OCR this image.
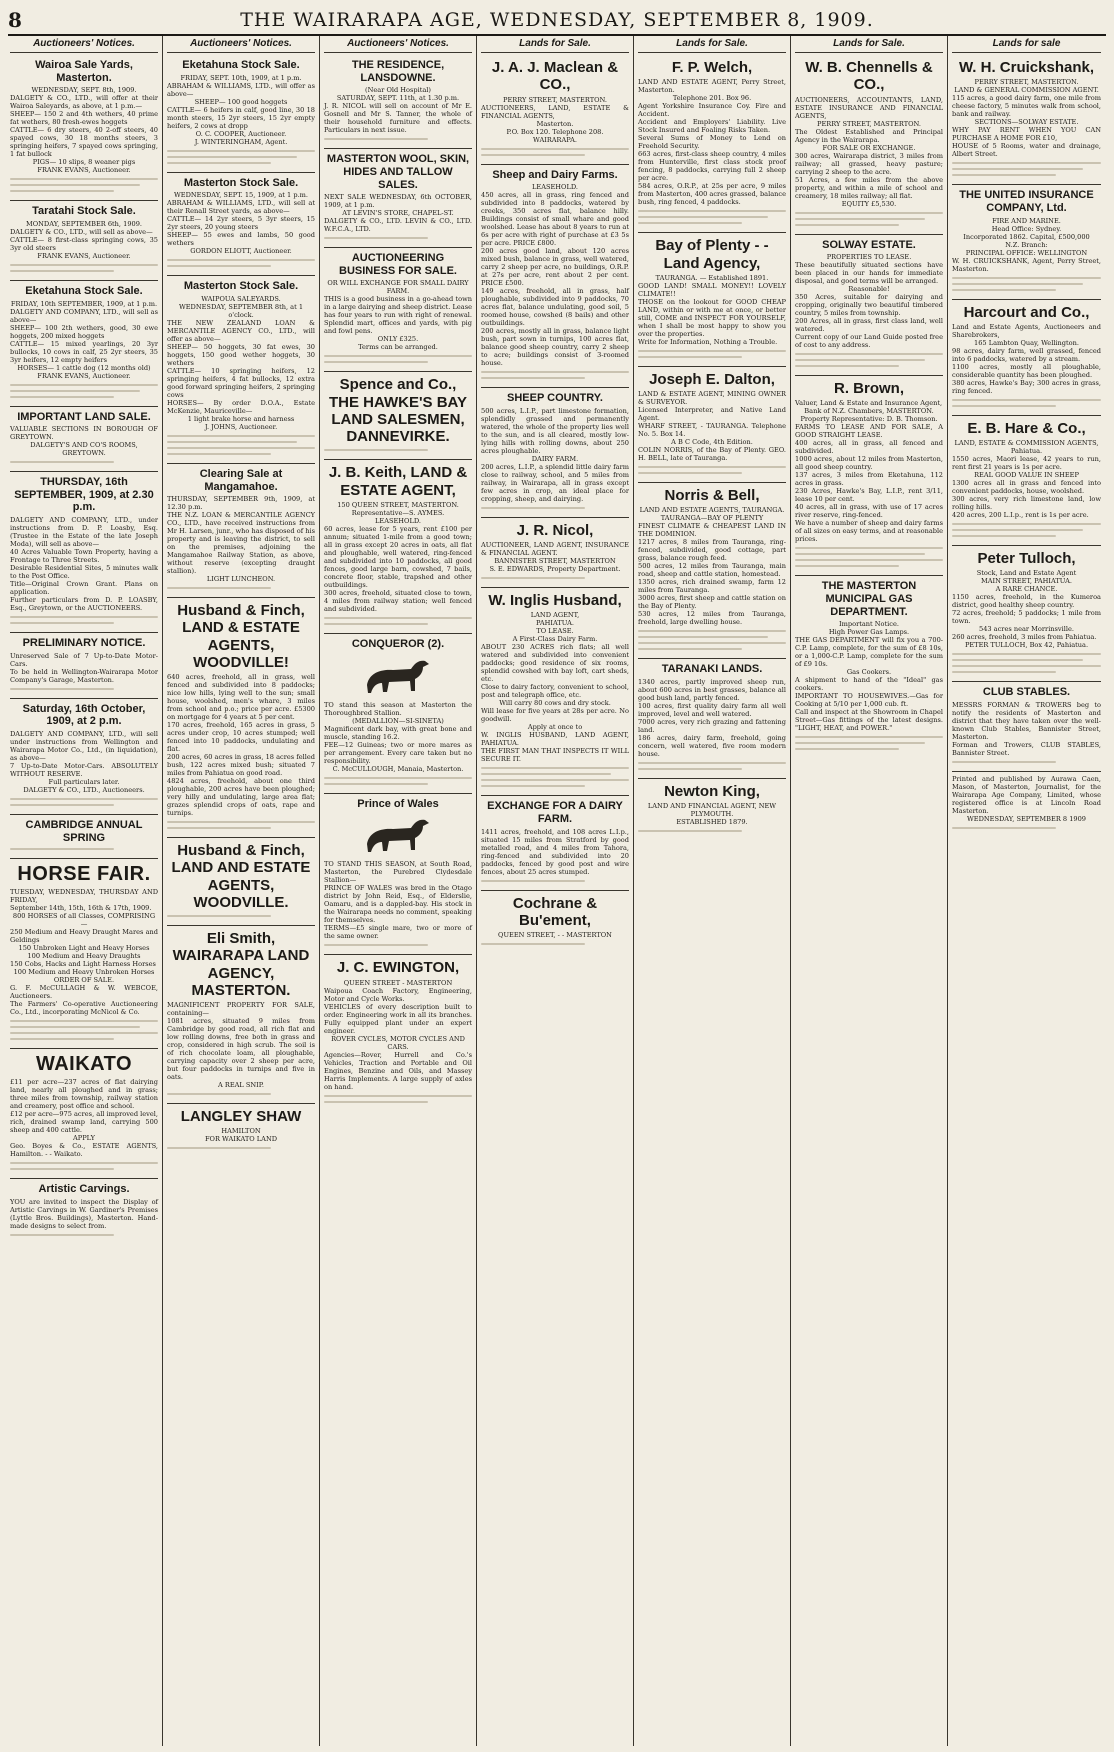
8	THE WAIRARAPA AGE, WEDNESDAY, SEPTEMBER 8, 1909.
Auctioneers' Notices.
Wairoa Sale Yards, Masterton.

WEDNESDAY, SEPT. 8th, 1909.

DALGETY & CO., LTD., will offer at their Wairoa Saleyards, as above, at 1 p.m.—

SHEEP— 150 2 and 4th wethers, 40 prime fat wethers, 80 fresh-ewes hoggets

CATTLE— 6 dry steers, 40 2-off steers, 40 spayed cows, 30 18 months steers, 3 springing heifers, 7 spayed cows springing, 1 fat bullock

PIGS— 10 slips, 8 weaner pigs

FRANK EVANS, Auctioneer.

Taratahi Stock Sale.

MONDAY, SEPTEMBER 6th, 1909.

DALGETY & CO., LTD., will sell as above—

CATTLE— 8 first-class springing cows, 35 3yr old steers

FRANK EVANS, Auctioneer.

Eketahuna Stock Sale.

FRIDAY, 10th SEPTEMBER, 1909, at 1 p.m.

DALGETY AND COMPANY, LTD., will sell as above—

SHEEP— 100 2th wethers, good, 30 ewe hoggets, 200 mixed hoggets

CATTLE— 15 mixed yearlings, 20 3yr bullocks, 10 cows in calf, 25 2yr steers, 35 3yr heifers, 12 empty heifers

HORSES— 1 cattle dog (12 months old)

FRANK EVANS, Auctioneer.

IMPORTANT LAND SALE.

VALUABLE SECTIONS IN BOROUGH OF GREYTOWN.

DALGETY'S AND CO'S ROOMS, GREYTOWN.

THURSDAY, 16th SEPTEMBER, 1909, at 2.30 p.m.

DALGETY AND COMPANY, LTD., under instructions from D. P. Loasby, Esq. (Trustee in the Estate of the late Joseph Moda), will sell as above—

40 Acres Valuable Town Property, having a Frontage to Three Streets.

Desirable Residential Sites, 5 minutes walk to the Post Office.

Title—Original Crown Grant. Plans on application.

Further particulars from D. P. LOASBY, Esq., Greytown, or the AUCTIONEERS.

PRELIMINARY NOTICE.

Unreserved Sale of 7 Up-to-Date Motor-Cars.

To be held in Wellington-Wairarapa Motor Company's Garage, Masterton.

Saturday, 16th October, 1909, at 2 p.m.

DALGETY AND COMPANY, LTD., will sell under instructions from Wellington and Wairarapa Motor Co., Ltd., (in liquidation), as above—

7 Up-to-Date Motor-Cars. ABSOLUTELY WITHOUT RESERVE.

Full particulars later.

DALGETY & CO., LTD., Auctioneers.

CAMBRIDGE ANNUAL SPRING
HORSE FAIR.

TUESDAY, WEDNESDAY, THURSDAY AND FRIDAY,

September 14th, 15th, 16th & 17th, 1909.

800 HORSES of all Classes, COMPRISING—

250 Medium and Heavy Draught Mares and Geldings

150 Unbroken Light and Heavy Horses

100 Medium and Heavy Draughts

150 Cobs, Hacks and Light Harness Horses

100 Medium and Heavy Unbroken Horses

ORDER OF SALE.

G. F. McCULLAGH & W. WEBCOE, Auctioneers.

The Farmers' Co-operative Auctioneering Co., Ltd., incorporating McNicol & Co.

WAIKATO

£11 per acre—237 acres of flat dairying land, nearly all ploughed and in grass; three miles from township, railway station and creamery, post office and school.

£12 per acre—975 acres, all improved level, rich, drained swamp land, carrying 500 sheep and 400 cattle.

APPLY

Geo. Boyes & Co., ESTATE AGENTS, Hamilton. - - Waikato.

Artistic Carvings.

YOU are invited to inspect the Display of Artistic Carvings in W. Gardiner's Premises (Lyttle Bros. Buildings), Masterton. Hand-made designs to select from.

Auctioneers' Notices.
Eketahuna Stock Sale.

FRIDAY, SEPT. 10th, 1909, at 1 p.m.

ABRAHAM & WILLIAMS, LTD., will offer as above—

SHEEP— 100 good hoggets

CATTLE— 6 heifers in calf, good line, 30 18 month steers, 15 2yr steers, 15 2yr empty heifers, 2 cows at dropp

O. C. COOPER, Auctioneer.

J. WINTERINGHAM, Agent.

Masterton Stock Sale.

WEDNESDAY, SEPT. 15, 1909, at 1 p.m.

ABRAHAM & WILLIAMS, LTD., will sell at their Renall Street yards, as above—

CATTLE— 14 2yr steers, 5 3yr steers, 15 2yr steers, 20 young steers

SHEEP— 55 ewes and lambs, 50 good wethers

GORDON ELIOTT, Auctioneer.

Masterton Stock Sale.

WAIPOUA SALEYARDS.

WEDNESDAY, SEPTEMBER 8th, at 1 o'clock.

THE NEW ZEALAND LOAN & MERCANTILE AGENCY CO., LTD., will offer as above—

SHEEP— 50 hoggets, 30 fat ewes, 30 hoggets, 150 good wether hoggets, 30 wethers

CATTLE— 10 springing heifers, 12 springing heifers, 4 fat bullocks, 12 extra good forward springing heifers, 2 springing cows

HORSES— By order D.O.A., Estate McKenzie, Mauriceville—

1 light brake horse and harness

J. JOHNS, Auctioneer.

Clearing Sale at Mangamahoe.

THURSDAY, SEPTEMBER 9th, 1909, at 12.30 p.m.

THE N.Z. LOAN & MERCANTILE AGENCY CO., LTD., have received instructions from Mr H. Larsen, junr., who has disposed of his property and is leaving the district, to sell on the premises, adjoining the Mangamahoe Railway Station, as above, without reserve (excepting draught stallion).

LIGHT LUNCHEON.

Husband & Finch, LAND & ESTATE AGENTS, WOODVILLE!

640 acres, freehold, all in grass, well fenced and subdivided into 8 paddocks; nice low hills, lying well to the sun; small house, woolshed, men's whare, 3 miles from school and p.o.; price per acre. £5300 on mortgage for 4 years at 5 per cent.

170 acres, freehold, 165 acres in grass, 5 acres under crop, 10 acres stumped; well fenced into 10 paddocks, undulating and flat.

200 acres, 60 acres in grass, 18 acres felled bush, 122 acres mixed bush; situated 7 miles from Pahiatua on good road.

4824 acres, freehold, about one third ploughable, 200 acres have been ploughed; very hilly and undulating, large area flat; grazes splendid crops of oats, rape and turnips.

Husband & Finch, LAND AND ESTATE AGENTS, WOODVILLE.
Eli Smith, WAIRARAPA LAND AGENCY, MASTERTON.

MAGNIFICENT PROPERTY FOR SALE, containing—

1081 acres, situated 9 miles from Cambridge by good road, all rich flat and low rolling downs, free both in grass and crop, considered in high scrub. The soil is of rich chocolate loam, all ploughable, carrying capacity over 2 sheep per acre, but four paddocks in turnips and five in oats.

A REAL SNIP.

LANGLEY SHAW

HAMILTON

FOR WAIKATO LAND

Auctioneers' Notices.
THE RESIDENCE, LANSDOWNE.

(Near Old Hospital)

SATURDAY, SEPT. 11th, at 1.30 p.m.

J. R. NICOL will sell on account of Mr E. Gosnell and Mr S. Tanner, the whole of their household furniture and effects. Particulars in next issue.

MASTERTON WOOL, SKIN, HIDES AND TALLOW SALES.

NEXT SALE WEDNESDAY, 6th OCTOBER, 1909, at 1 p.m.

AT LEVIN'S STORE, CHAPEL-ST.

DALGETY & CO., LTD. LEVIN & CO., LTD. W.F.C.A., LTD.

AUCTIONEERING BUSINESS FOR SALE.

OR WILL EXCHANGE FOR SMALL DAIRY FARM.

THIS is a good business in a go-ahead town in a large dairying and sheep district. Lease has four years to run with right of renewal. Splendid mart, offices and yards, with pig and fowl pens.

ONLY £325.

Terms can be arranged.

Spence and Co., THE HAWKE'S BAY LAND SALESMEN, DANNEVIRKE.
J. B. Keith, LAND & ESTATE AGENT,

150 QUEEN STREET, MASTERTON.

Representative—S. AYMES.

LEASEHOLD.

60 acres, lease for 5 years, rent £100 per annum; situated 1-mile from a good town; all in grass except 20 acres in oats, all flat and ploughable, well watered, ring-fenced and subdivided into 10 paddocks, all good fences, good large barn, cowshed, 7 bails, concrete floor, stable, trapshed and other outbuildings.

300 acres, freehold, situated close to town, 4 miles from railway station; well fenced and subdivided.

CONQUEROR (2).

TO stand this season at Masterton the Thoroughbred Stallion.

(MEDALLION—SI-SINETA)

Magnificent dark bay, with great bone and muscle, standing 16.2.

FEE—12 Guineas; two or more mares as per arrangement. Every care taken but no responsibility.

C. McCULLOUGH, Manaia, Masterton.

Prince of Wales

TO STAND THIS SEASON, at South Road, Masterton, the Purebred Clydesdale Stallion—

PRINCE OF WALES was bred in the Otago district by John Reid, Esq., of Elderslie, Oamaru, and is a dappled-bay. His stock in the Wairarapa needs no comment, speaking for themselves.

TERMS—£5 single mare, two or more of the same owner.

J. C. EWINGTON,

QUEEN STREET - MASTERTON

Waipoua Coach Factory, Engineering, Motor and Cycle Works.

VEHICLES of every description built to order. Engineering work in all its branches. Fully equipped plant under an expert engineer.

ROVER CYCLES, MOTOR CYCLES AND CARS.

Agencies—Rover, Hurrell and Co.'s Vehicles, Traction and Portable and Oil Engines, Benzine and Oils, and Massey Harris Implements. A large supply of axles on hand.

Lands for Sale.
J. A. J. Maclean & CO.,

PERRY STREET, MASTERTON.

AUCTIONEERS, LAND, ESTATE & FINANCIAL AGENTS,

Masterton.

P.O. Box 120. Telephone 208.

WAIRARAPA.

Sheep and Dairy Farms.

LEASEHOLD.

450 acres, all in grass, ring fenced and subdivided into 8 paddocks, watered by creeks, 350 acres flat, balance hilly. Buildings consist of small whare and good woolshed. Lease has about 8 years to run at 6s per acre with right of purchase at £3 5s per acre. PRICE £800.

200 acres good land, about 120 acres mixed bush, balance in grass, well watered, carry 2 sheep per acre, no buildings, O.R.P. at 27s per acre, rent about 2 per cent. PRICE £500.

149 acres, freehold, all in grass, half ploughable, subdivided into 9 paddocks, 70 acres flat, balance undulating, good soil, 5 roomed house, cowshed (8 bails) and other outbuildings.

200 acres, mostly all in grass, balance light bush, part sown in turnips, 100 acres flat, balance good sheep country, carry 2 sheep to acre; buildings consist of 3-roomed house.

SHEEP COUNTRY.

500 acres, L.I.P., part limestone formation, splendidly grassed and permanently watered, the whole of the property lies well to the sun, and is all cleared, mostly low-lying hills with rolling downs, about 250 acres ploughable.

DAIRY FARM.

200 acres, L.I.P., a splendid little dairy farm close to railway, school, and 5 miles from railway, in Wairarapa, all in grass except few acres in crop, an ideal place for cropping, sheep, and dairying.

J. R. Nicol,

AUCTIONEER, LAND AGENT, INSURANCE & FINANCIAL AGENT.

BANNISTER STREET, MASTERTON

S. E. EDWARDS, Property Department.

W. Inglis Husband,

LAND AGENT,

PAHIATUA.

TO LEASE.

A First-Class Dairy Farm.

ABOUT 230 ACRES rich flats; all well watered and subdivided into convenient paddocks; good residence of six rooms, splendid cowshed with bay loft, cart sheds, etc.

Close to dairy factory, convenient to school, post and telegraph office, etc.

Will carry 80 cows and dry stock.

Will lease for five years at 28s per acre. No goodwill.

Apply at once to

W. INGLIS HUSBAND, LAND AGENT, PAHIATUA.

THE FIRST MAN THAT INSPECTS IT WILL SECURE IT.

EXCHANGE FOR A DAIRY FARM.

1411 acres, freehold, and 108 acres L.I.p., situated 15 miles from Stratford by good metalled road, and 4 miles from Tahora, ring-fenced and subdivided into 20 paddocks, fenced by good post and wire fences, about 25 acres stumped.

Cochrane & Bu'ement,

QUEEN STREET, - - MASTERTON

Lands for Sale.
F. P. Welch,

LAND AND ESTATE AGENT, Perry Street, Masterton.

Telephone 201. Box 96.

Agent Yorkshire Insurance Coy. Fire and Accident.

Accident and Employers' Liability. Live Stock Insured and Foaling Risks Taken.

Several Sums of Money to Lend on Freehold Security.

663 acres, first-class sheep country, 4 miles from Hunterville, first class stock proof fencing, 8 paddocks, carrying full 2 sheep per acre.

584 acres, O.R.P., at 25s per acre, 9 miles from Masterton, 400 acres grassed, balance bush, ring fenced, 4 paddocks.

Bay of Plenty - - Land Agency,

TAURANGA. — Established 1891.

GOOD LAND! SMALL MONEY!! LOVELY CLIMATE!!

THOSE on the lookout for GOOD CHEAP LAND, within or with me at once, or better still, COME and INSPECT FOR YOURSELF, when I shall be most happy to show you over the properties.

Write for Information, Nothing a Trouble.

Joseph E. Dalton,

LAND & ESTATE AGENT, MINING OWNER & SURVEYOR.

Licensed Interpreter, and Native Land Agent.

WHARF STREET, - TAURANGA. Telephone No. 5. Box 14.

A B C Code, 4th Edition.

COLIN NORRIS, of the Bay of Plenty. GEO. H. BELL, late of Tauranga.

Norris & Bell,

LAND AND ESTATE AGENTS, TAURANGA.

TAURANGA—BAY OF PLENTY

FINEST CLIMATE & CHEAPEST LAND IN THE DOMINION.

1217 acres, 8 miles from Tauranga, ring-fenced, subdivided, good cottage, part grass, balance rough feed.

500 acres, 12 miles from Tauranga, main road, sheep and cattle station, homestead.

1350 acres, rich drained swamp, farm 12 miles from Tauranga.

3000 acres, first sheep and cattle station on the Bay of Plenty.

530 acres, 12 miles from Tauranga, freehold, large dwelling house.

TARANAKI LANDS.

1340 acres, partly improved sheep run, about 600 acres in best grasses, balance all good bush land, partly fenced.

100 acres, first quality dairy farm all well improved, level and well watered.

7000 acres, very rich grazing and fattening land.

186 acres, dairy farm, freehold, going concern, well watered, five room modern house.

Newton King,

LAND AND FINANCIAL AGENT, NEW PLYMOUTH.

ESTABLISHED 1879.

Lands for Sale.
W. B. Chennells & CO.,

AUCTIONEERS, ACCOUNTANTS, LAND, ESTATE INSURANCE AND FINANCIAL AGENTS,

PERRY STREET, MASTERTON.

The Oldest Established and Principal Agency in the Wairarapa.

FOR SALE OR EXCHANGE.

300 acres, Wairarapa district, 3 miles from railway; all grassed, heavy pasture; carrying 2 sheep to the acre.

51 Acres, a few miles from the above property, and within a mile of school and creamery, 18 miles railway; all flat.

EQUITY £5,530.

SOLWAY ESTATE.

PROPERTIES TO LEASE.

These beautifully situated sections have been placed in our hands for immediate disposal, and good terms will be arranged.

Reasonable!

350 Acres, suitable for dairying and cropping, originally two beautiful timbered country, 5 miles from township.

200 Acres, all in grass, first class land, well watered.

Current copy of our Land Guide posted free of cost to any address.

R. Brown,

Valuer, Land & Estate and Insurance Agent,

Bank of N.Z. Chambers, MASTERTON.

Property Representative: D. B. Thomson.

FARMS TO LEASE AND FOR SALE, A GOOD STRAIGHT LEASE.

400 acres, all in grass, all fenced and subdivided.

1000 acres, about 12 miles from Masterton, all good sheep country.

137 acres, 3 miles from Eketahuna, 112 acres in grass.

230 Acres, Hawke's Bay, L.I.P., rent 3/11, lease 10 per cent.

40 acres, all in grass, with use of 17 acres river reserve, ring-fenced.

We have a number of sheep and dairy farms of all sizes on easy terms, and at reasonable prices.

THE MASTERTON MUNICIPAL GAS DEPARTMENT.

Important Notice.

High Power Gas Lamps.

THE GAS DEPARTMENT will fix you a 700-C.P. Lamp, complete, for the sum of £8 10s, or a 1,000-C.P. Lamp, complete for the sum of £9 10s.

Gas Cookers.

A shipment to hand of the "Ideal" gas cookers.

IMPORTANT TO HOUSEWIVES.—Gas for Cooking at 5/10 per 1,000 cub. ft.

Call and inspect at the Showroom in Chapel Street—Gas fittings of the latest designs. "LIGHT, HEAT, and POWER."

Lands for sale
W. H. Cruickshank,

PERRY STREET, MASTERTON.

LAND & GENERAL COMMISSION AGENT.

115 acres, a good dairy farm, one mile from cheese factory, 5 minutes walk from school, bank and railway.

SECTIONS—SOLWAY ESTATE.

WHY PAY RENT WHEN YOU CAN PURCHASE A HOME FOR £10,

HOUSE of 5 Rooms, water and drainage, Albert Street.

THE UNITED INSURANCE COMPANY, Ltd.

FIRE AND MARINE.

Head Office: Sydney.

Incorporated 1862. Capital, £500,000

N.Z. Branch:

PRINCIPAL OFFICE: WELLINGTON

W. H. CRUICKSHANK, Agent, Perry Street, Masterton.

Harcourt and Co.,

Land and Estate Agents, Auctioneers and Sharebrokers,

165 Lambton Quay, Wellington.

98 acres, dairy farm, well grassed, fenced into 6 paddocks, watered by a stream.

1100 acres, mostly all ploughable, considerable quantity has been ploughed.

380 acres, Hawke's Bay; 300 acres in grass, ring fenced.

E. B. Hare & Co.,

LAND, ESTATE & COMMISSION AGENTS,

Pahiatua.

1550 acres, Maori lease, 42 years to run, rent first 21 years is 1s per acre.

REAL GOOD VALUE IN SHEEP

1300 acres all in grass and fenced into convenient paddocks, house, woolshed.

300 acres, very rich limestone land, low rolling hills.

420 acres, 200 L.I.p., rent is 1s per acre.

Peter Tulloch,

Stock, Land and Estate Agent

MAIN STREET, PAHIATUA.

A RARE CHANCE.

1150 acres, freehold, in the Kumeroa district, good healthy sheep country.

72 acres, freehold; 5 paddocks; 1 mile from town.

543 acres near Morrinsville.

260 acres, freehold, 3 miles from Pahiatua.

PETER TULLOCH, Box 42, Pahiatua.

CLUB STABLES.

MESSRS FORMAN & TROWERS beg to notify the residents of Masterton and district that they have taken over the well-known Club Stables, Bannister Street, Masterton.

Forman and Trowers, CLUB STABLES, Bannister Street.

Printed and published by Aurawa Caen, Mason, of Masterton, Journalist, for the Wairarapa Age Company, Limited, whose registered office is at Lincoln Road Masterton.

WEDNESDAY, SEPTEMBER 8 1909
